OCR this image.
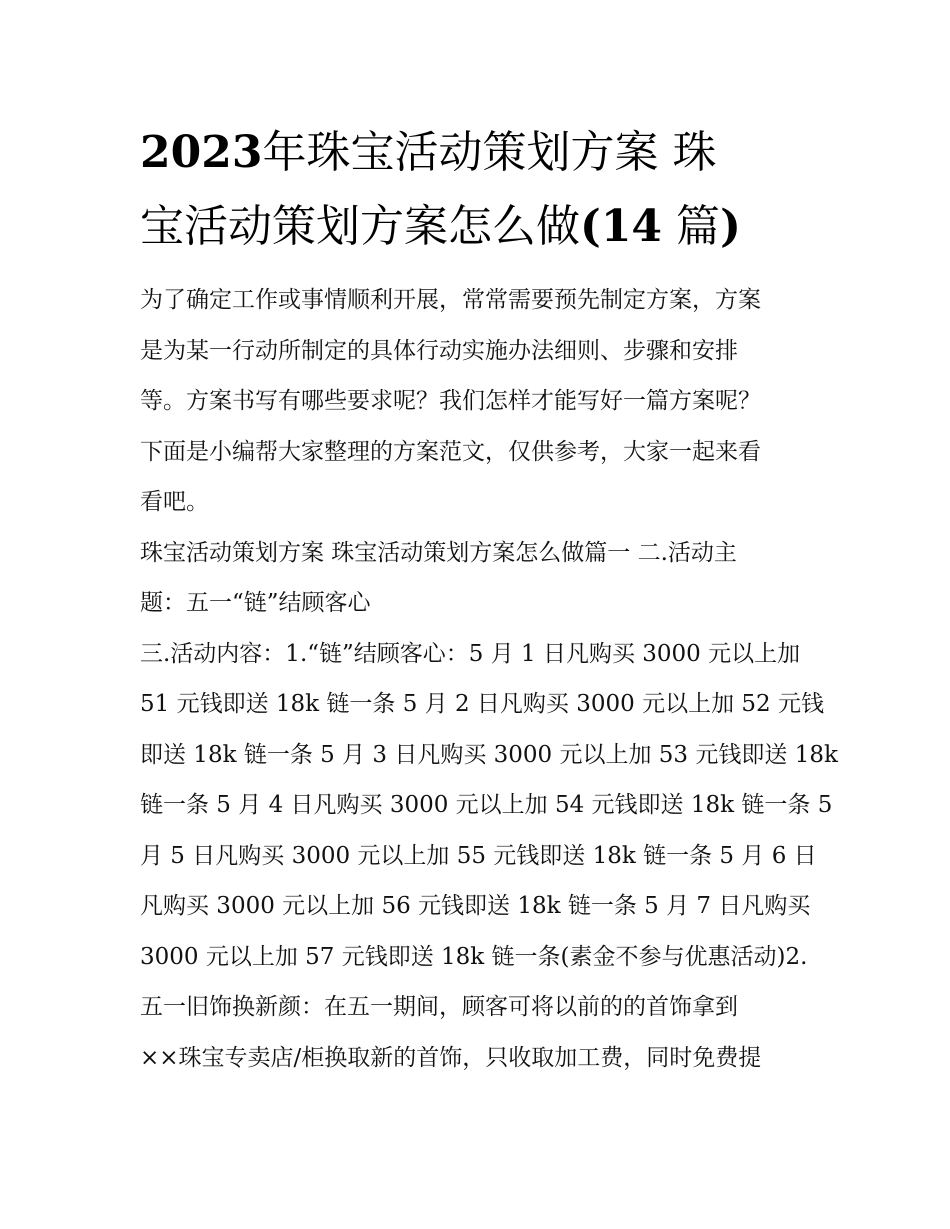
2023年珠宝活动策划方案 珠
宝活动策划方案怎么做(14 篇)
为了确定工作或事情顺利开展，常常需要预先制定方案，方案
是为某一行动所制定的具体行动实施办法细则、步骤和安排
等。方案书写有哪些要求呢？我们怎样才能写好一篇方案呢？
下面是小编帮大家整理的方案范文，仅供参考，大家一起来看
看吧。
珠宝活动策划方案 珠宝活动策划方案怎么做篇一 二.活动主
题：五一“链”结顾客心
三.活动内容：1.“链”结顾客心：5 月 1 日凡购买 3000 元以上加
51 元钱即送 18k 链一条 5 月 2 日凡购买 3000 元以上加 52 元钱
即送 18k 链一条 5 月 3 日凡购买 3000 元以上加 53 元钱即送 18k
链一条 5 月 4 日凡购买 3000 元以上加 54 元钱即送 18k 链一条 5
月 5 日凡购买 3000 元以上加 55 元钱即送 18k 链一条 5 月 6 日
凡购买 3000 元以上加 56 元钱即送 18k 链一条 5 月 7 日凡购买
3000 元以上加 57 元钱即送 18k 链一条(素金不参与优惠活动)2.
五一旧饰换新颜：在五一期间，顾客可将以前的的首饰拿到
××珠宝专卖店/柜换取新的首饰，只收取加工费，同时免费提
